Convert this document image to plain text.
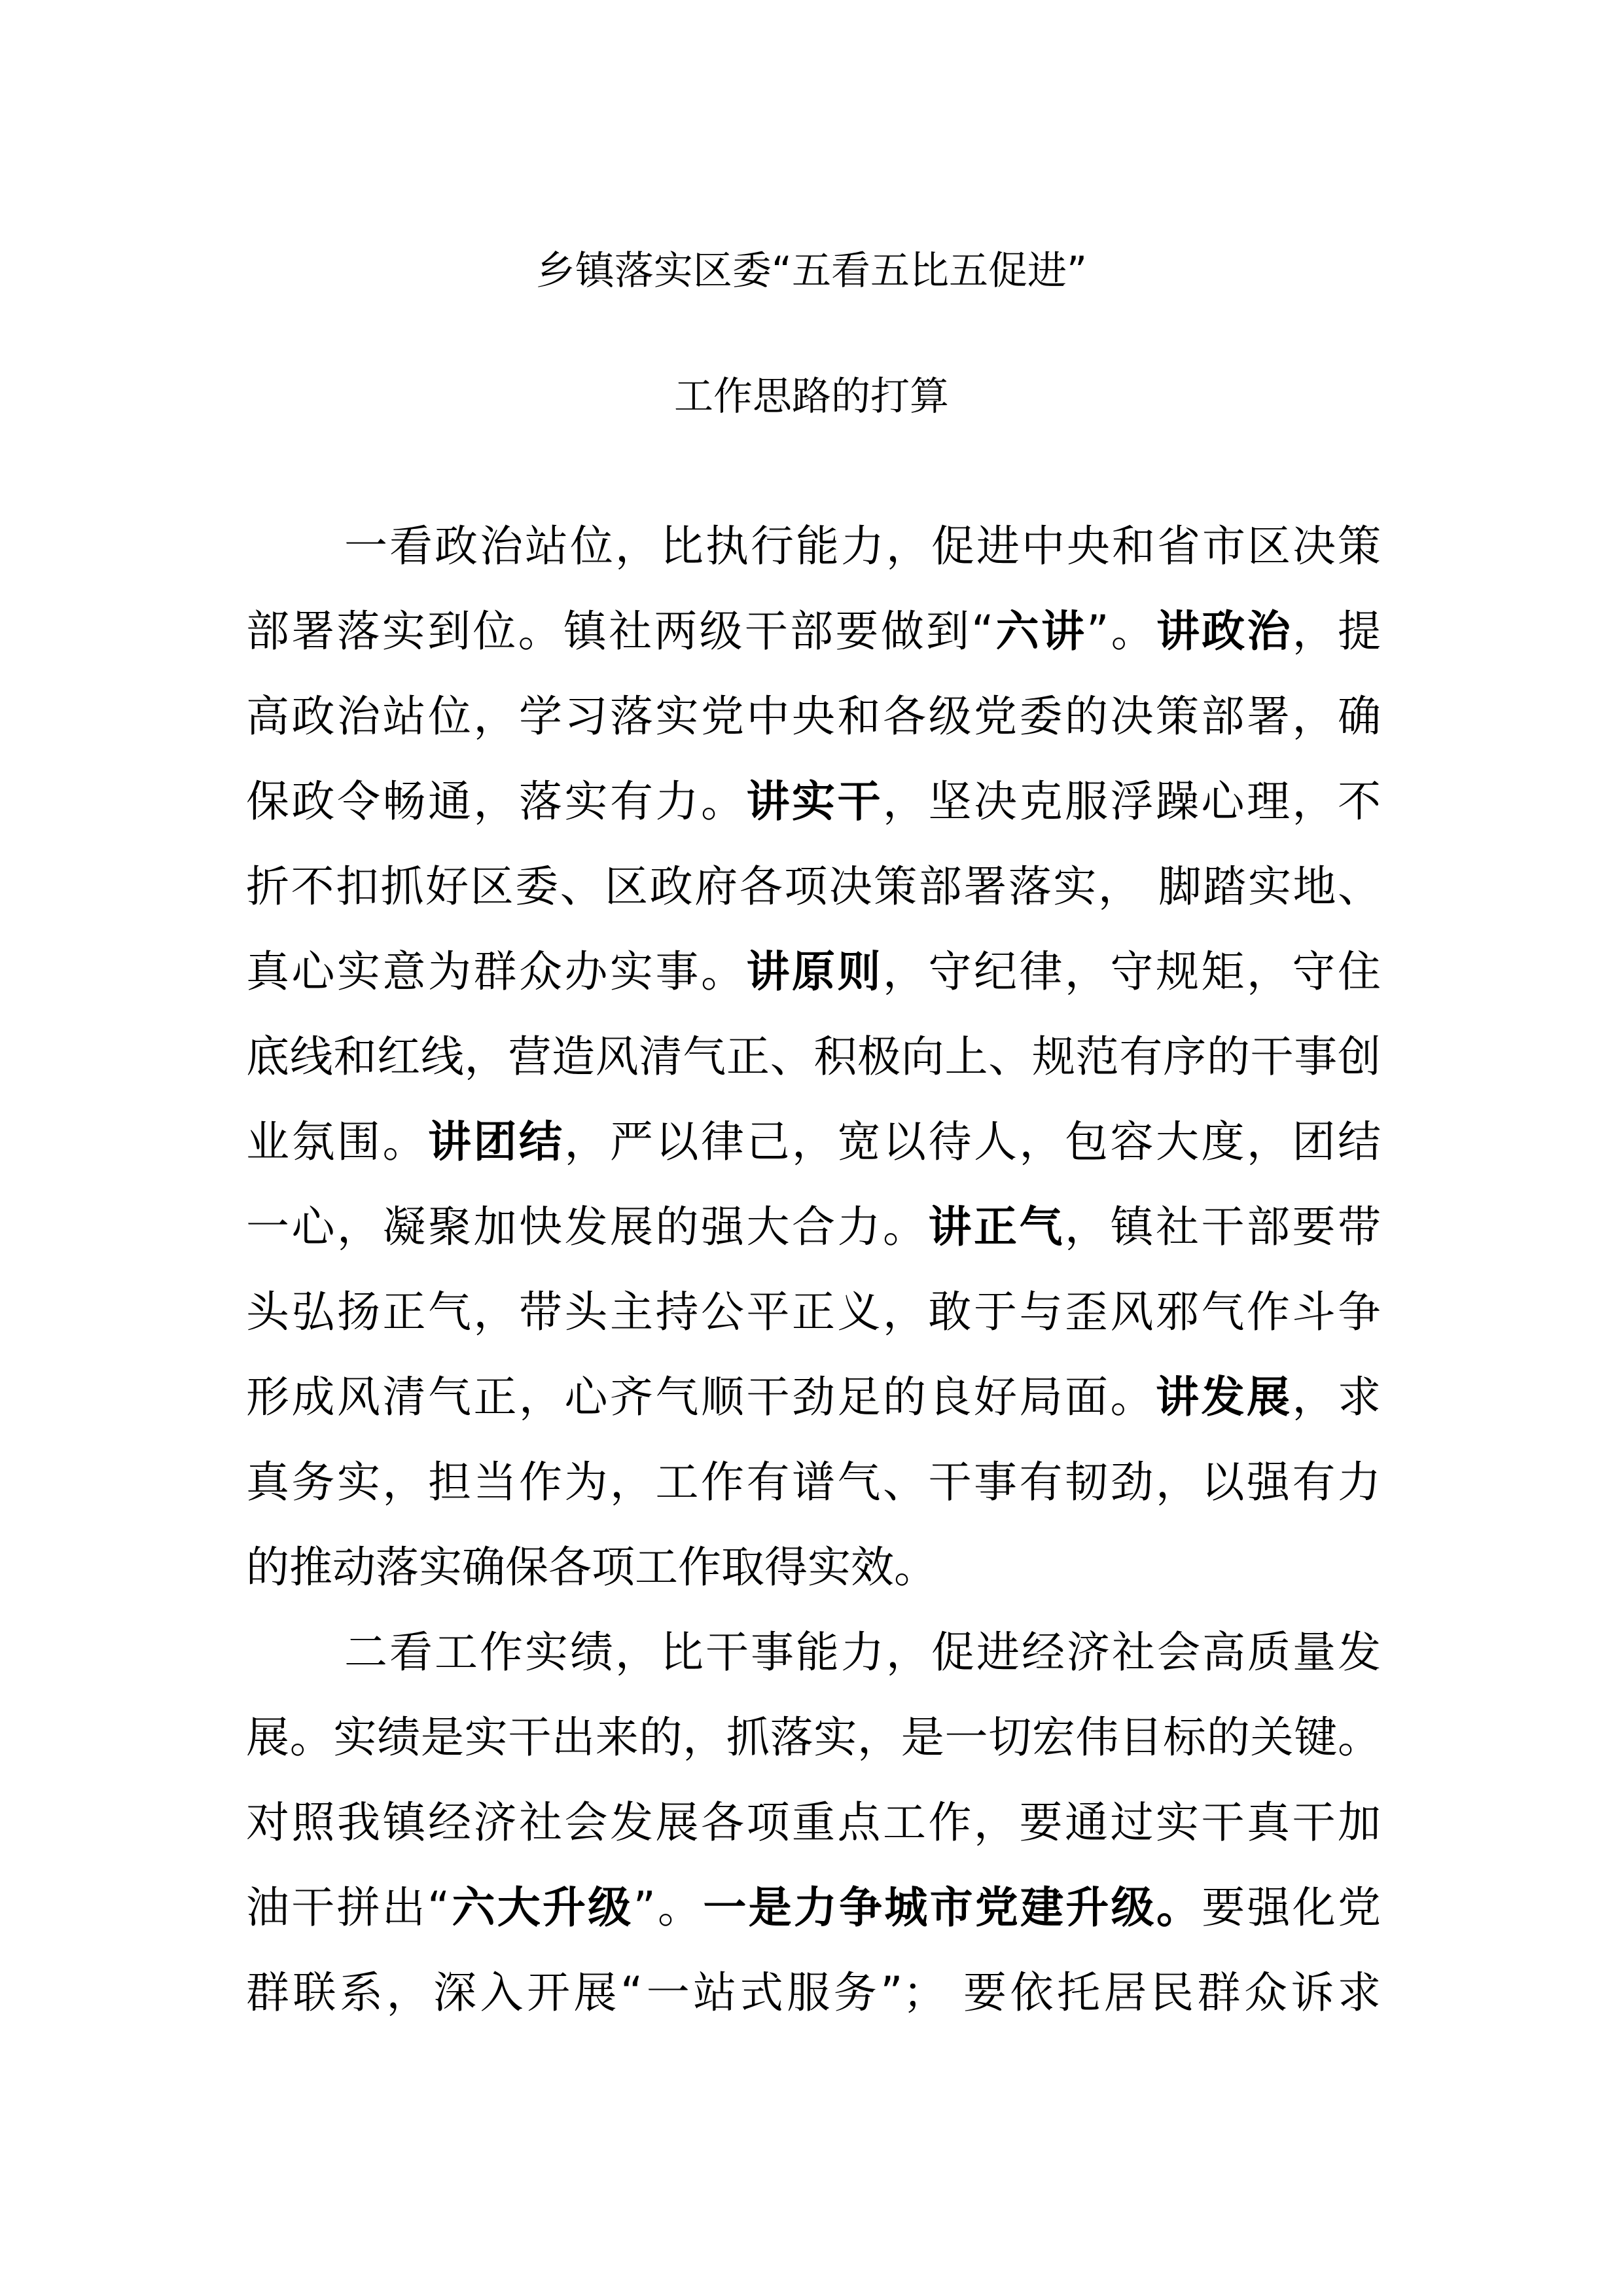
乡镇落实区委“五看五比五促进”
工作思路的打算
一看政治站位，比执行能力，促进中央和省市区决策
部署落实到位。镇社两级干部要做到“六讲”。讲政治，提
高政治站位，学习落实党中央和各级党委的决策部署，确
保政令畅通，落实有力。讲实干，坚决克服浮躁心理，不
折不扣抓好区委、区政府各项决策部署落实， 脚踏实地、
真心实意为群众办实事。讲原则，守纪律，守规矩，守住
底线和红线，营造风清气正、积极向上、规范有序的干事创
业氛围。讲团结，严以律己，宽以待人，包容大度，团结
一心，凝聚加快发展的强大合力。讲正气，镇社干部要带
头弘扬正气，带头主持公平正义，敢于与歪风邪气作斗争
形成风清气正，心齐气顺干劲足的良好局面。讲发展，求
真务实，担当作为，工作有谱气、干事有韧劲，以强有力
的推动落实确保各项工作取得实效。
二看工作实绩，比干事能力，促进经济社会高质量发
展。实绩是实干出来的，抓落实，是一切宏伟目标的关键。
对照我镇经济社会发展各项重点工作，要通过实干真干加
油干拼出“六大升级”。一是力争城市党建升级。要强化党
群联系，深入开展“一站式服务”； 要依托居民群众诉求
